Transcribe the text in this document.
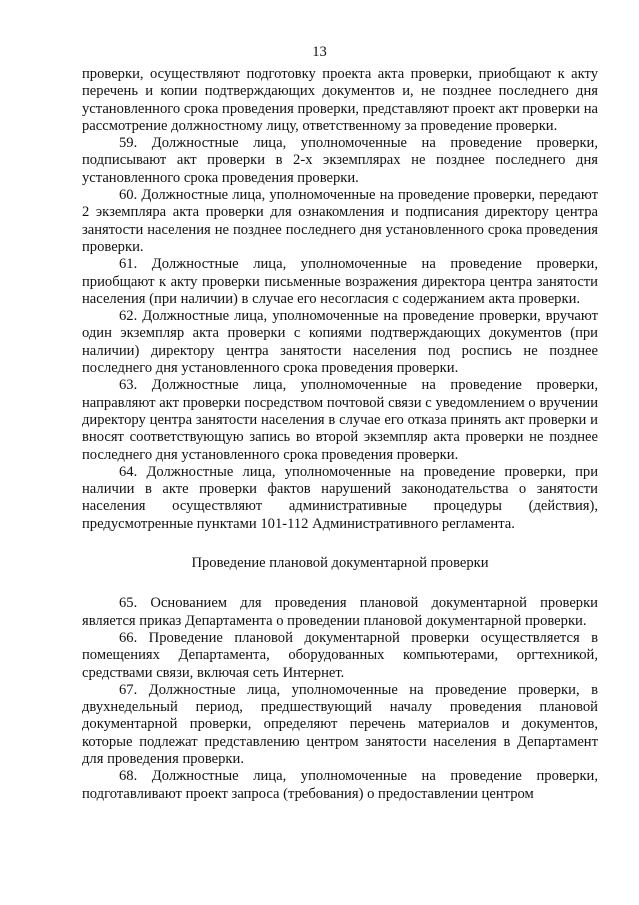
13

проверки, осуществляют подготовку проекта акта проверки, приобщают к акту перечень и копии подтверждающих документов и, не позднее последнего дня установленного срока проведения проверки, представляют проект акт проверки на рассмотрение должностному лицу, ответственному за проведение проверки.

59. Должностные лица, уполномоченные на проведение проверки, подписывают акт проверки в 2-х экземплярах не позднее последнего дня установленного срока проведения проверки.

60. Должностные лица, уполномоченные на проведение проверки, передают 2 экземпляра акта проверки для ознакомления и подписания директору центра занятости населения не позднее последнего дня установленного срока проведения проверки.

61. Должностные лица, уполномоченные на проведение проверки, приобщают к акту проверки письменные возражения директора центра занятости населения (при наличии) в случае его несогласия с содержанием акта проверки.

62. Должностные лица, уполномоченные на проведение проверки, вручают один экземпляр акта проверки с копиями подтверждающих документов (при наличии) директору центра занятости населения под роспись не позднее последнего дня установленного срока проведения проверки.

63. Должностные лица, уполномоченные на проведение проверки, направляют акт проверки посредством почтовой связи с уведомлением о вручении директору центра занятости населения в случае его отказа принять акт проверки и вносят соответствующую запись во второй экземпляр акта проверки не позднее последнего дня установленного срока проведения проверки.

64. Должностные лица, уполномоченные на проведение проверки, при наличии в акте проверки фактов нарушений законодательства о занятости населения осуществляют административные процедуры (действия), предусмотренные пунктами 101-112 Административного регламента.

Проведение плановой документарной проверки

65. Основанием для проведения плановой документарной проверки является приказ Департамента о проведении плановой документарной проверки.

66. Проведение плановой документарной проверки осуществляется в помещениях Департамента, оборудованных компьютерами, оргтехникой, средствами связи, включая сеть Интернет.

67. Должностные лица, уполномоченные на проведение проверки, в двухнедельный период, предшествующий началу проведения плановой документарной проверки, определяют перечень материалов и документов, которые подлежат представлению центром занятости населения в Департамент для проведения проверки.

68. Должностные лица, уполномоченные на проведение проверки, подготавливают проект запроса (требования) о предоставлении центром
